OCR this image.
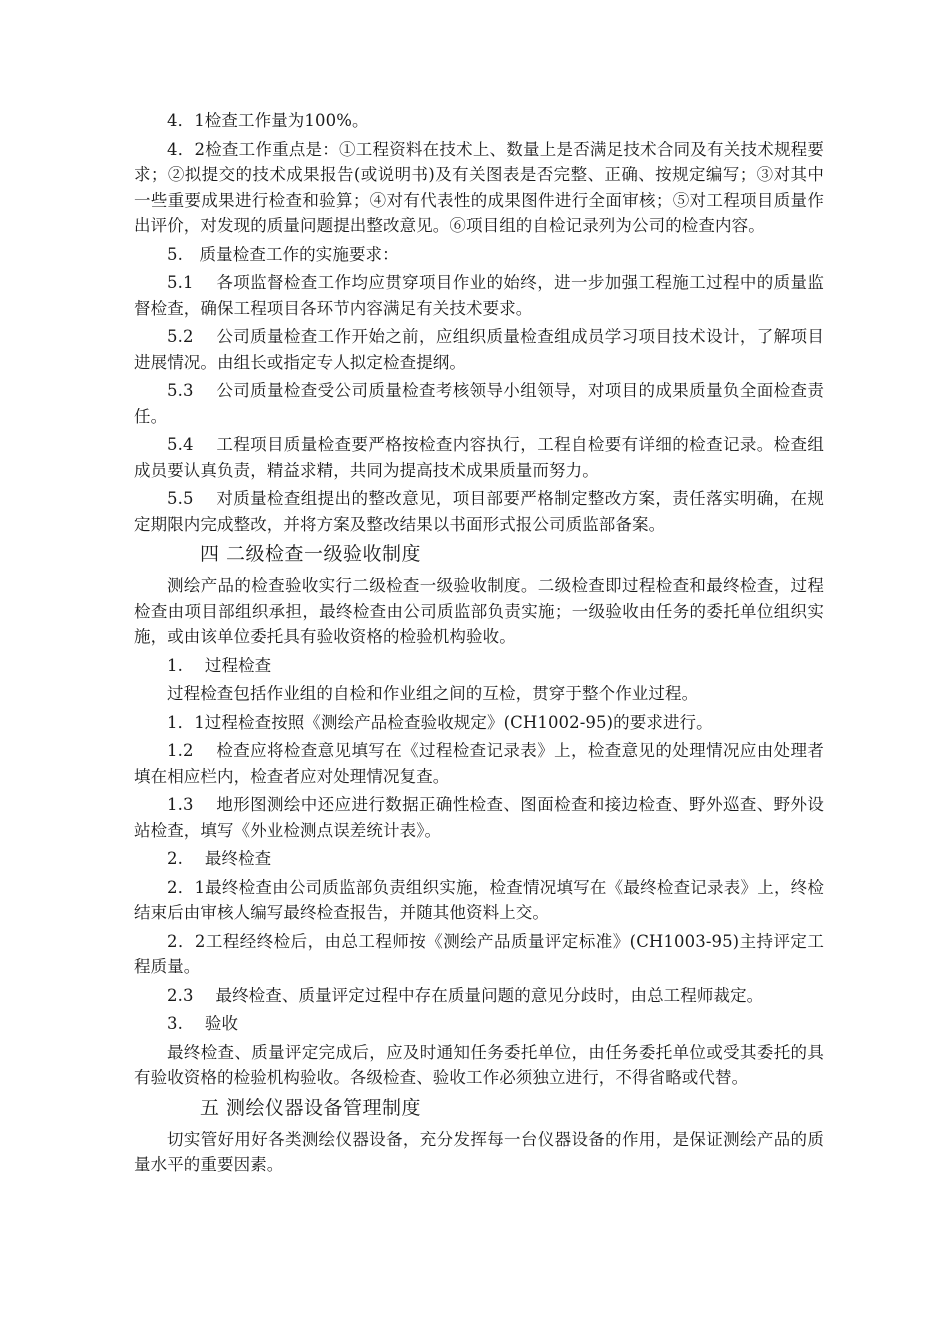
4．1检查工作量为100%。

4．2检查工作重点是：①工程资料在技术上、数量上是否满足技术合同及有关技术规程要求；②拟提交的技术成果报告(或说明书)及有关图表是否完整、正确、按规定编写；③对其中一些重要成果进行检查和验算；④对有代表性的成果图件进行全面审核；⑤对工程项目质量作出评价，对发现的质量问题提出整改意见。⑥项目组的自检记录列为公司的检查内容。

5.　质量检查工作的实施要求：

5.1　 各项监督检查工作均应贯穿项目作业的始终，进一步加强工程施工过程中的质量监督检查，确保工程项目各环节内容满足有关技术要求。

5.2　 公司质量检查工作开始之前，应组织质量检查组成员学习项目技术设计，了解项目进展情况。由组长或指定专人拟定检查提纲。

5.3　 公司质量检查受公司质量检查考核领导小组领导，对项目的成果质量负全面检查责任。

5.4　 工程项目质量检查要严格按检查内容执行，工程自检要有详细的检查记录。检查组成员要认真负责，精益求精，共同为提高技术成果质量而努力。

5.5　 对质量检查组提出的整改意见，项目部要严格制定整改方案，责任落实明确，在规定期限内完成整改，并将方案及整改结果以书面形式报公司质监部备案。

四 二级检查一级验收制度

测绘产品的检查验收实行二级检查一级验收制度。二级检查即过程检查和最终检查，过程检查由项目部组织承担，最终检查由公司质监部负责实施；一级验收由任务的委托单位组织实施，或由该单位委托具有验收资格的检验机构验收。

1.　 过程检查

过程检查包括作业组的自检和作业组之间的互检，贯穿于整个作业过程。

1．1过程检查按照《测绘产品检查验收规定》(CH1002-95)的要求进行。

1.2　 检查应将检查意见填写在《过程检查记录表》上，检查意见的处理情况应由处理者填在相应栏内，检查者应对处理情况复查。

1.3　 地形图测绘中还应进行数据正确性检查、图面检查和接边检查、野外巡查、野外设站检查，填写《外业检测点误差统计表》。

2.　 最终检查

2．1最终检查由公司质监部负责组织实施，检查情况填写在《最终检查记录表》上，终检结束后由审核人编写最终检查报告，并随其他资料上交。

2．2工程经终检后，由总工程师按《测绘产品质量评定标准》(CH1003-95)主持评定工程质量。

2.3　 最终检查、质量评定过程中存在质量问题的意见分歧时，由总工程师裁定。

3.　 验收

最终检查、质量评定完成后，应及时通知任务委托单位，由任务委托单位或受其委托的具有验收资格的检验机构验收。各级检查、验收工作必须独立进行，不得省略或代替。

五 测绘仪器设备管理制度

切实管好用好各类测绘仪器设备，充分发挥每一台仪器设备的作用，是保证测绘产品的质量水平的重要因素。
